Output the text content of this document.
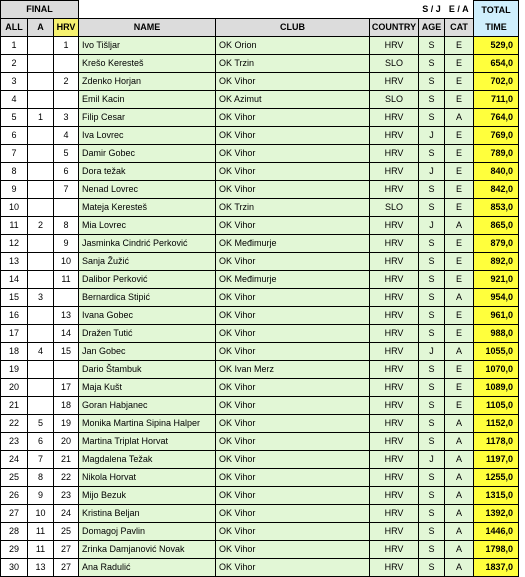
FINAL						S / J	E / A	TOTAL
TIME
ALL	A	HRV	NAME	CLUB	COUNTRY	AGE	CAT	
1		1	Ivo Tišljar	OK Orion	HRV	S	E	529,0
2			Krešo Keresteš	OK Trzin	SLO	S	E	654,0
3		2	Zdenko Horjan	OK Vihor	HRV	S	E	702,0
4			Emil Kacin	OK Azimut	SLO	S	E	711,0
5	1	3	Filip Cesar	OK Vihor	HRV	S	A	764,0
6		4	Iva Lovrec	OK Vihor	HRV	J	E	769,0
7		5	Damir Gobec	OK Vihor	HRV	S	E	789,0
8		6	Dora težak	OK Vihor	HRV	J	E	840,0
9		7	Nenad Lovrec	OK Vihor	HRV	S	E	842,0
10			Mateja Keresteš	OK Trzin	SLO	S	E	853,0
11	2	8	Mia Lovrec	OK Vihor	HRV	J	A	865,0
12		9	Jasminka Cindrić Perković	OK Međimurje	HRV	S	E	879,0
13		10	Sanja Žužić	OK Vihor	HRV	S	E	892,0
14		11	Dalibor Perković	OK Međimurje	HRV	S	E	921,0
15	3		Bernardica Stipić	OK Vihor	HRV	S	A	954,0
16		13	Ivana Gobec	OK Vihor	HRV	S	E	961,0
17		14	Dražen Tutić	OK Vihor	HRV	S	E	988,0
18	4	15	Jan Gobec	OK Vihor	HRV	J	A	1055,0
19			Dario Štambuk	OK Ivan Merz	HRV	S	E	1070,0
20		17	Maja Kušt	OK Vihor	HRV	S	E	1089,0
21		18	Goran Habjanec	OK Vihor	HRV	S	E	1105,0
22	5	19	Monika Martina Sipina Halper	OK Vihor	HRV	S	A	1152,0
23	6	20	Martina Triplat Horvat	OK Vihor	HRV	S	A	1178,0
24	7	21	Magdalena Težak	OK Vihor	HRV	J	A	1197,0
25	8	22	Nikola Horvat	OK Vihor	HRV	S	A	1255,0
26	9	23	Mijo Bezuk	OK Vihor	HRV	S	A	1315,0
27	10	24	Kristina Beljan	OK Vihor	HRV	S	A	1392,0
28	11	25	Domagoj Pavlin	OK Vihor	HRV	S	A	1446,0
29	11	27	Zrinka Damjanović Novak	OK Vihor	HRV	S	A	1798,0
30	13	27	Ana Radulić	OK Vihor	HRV	S	A	1837,0
